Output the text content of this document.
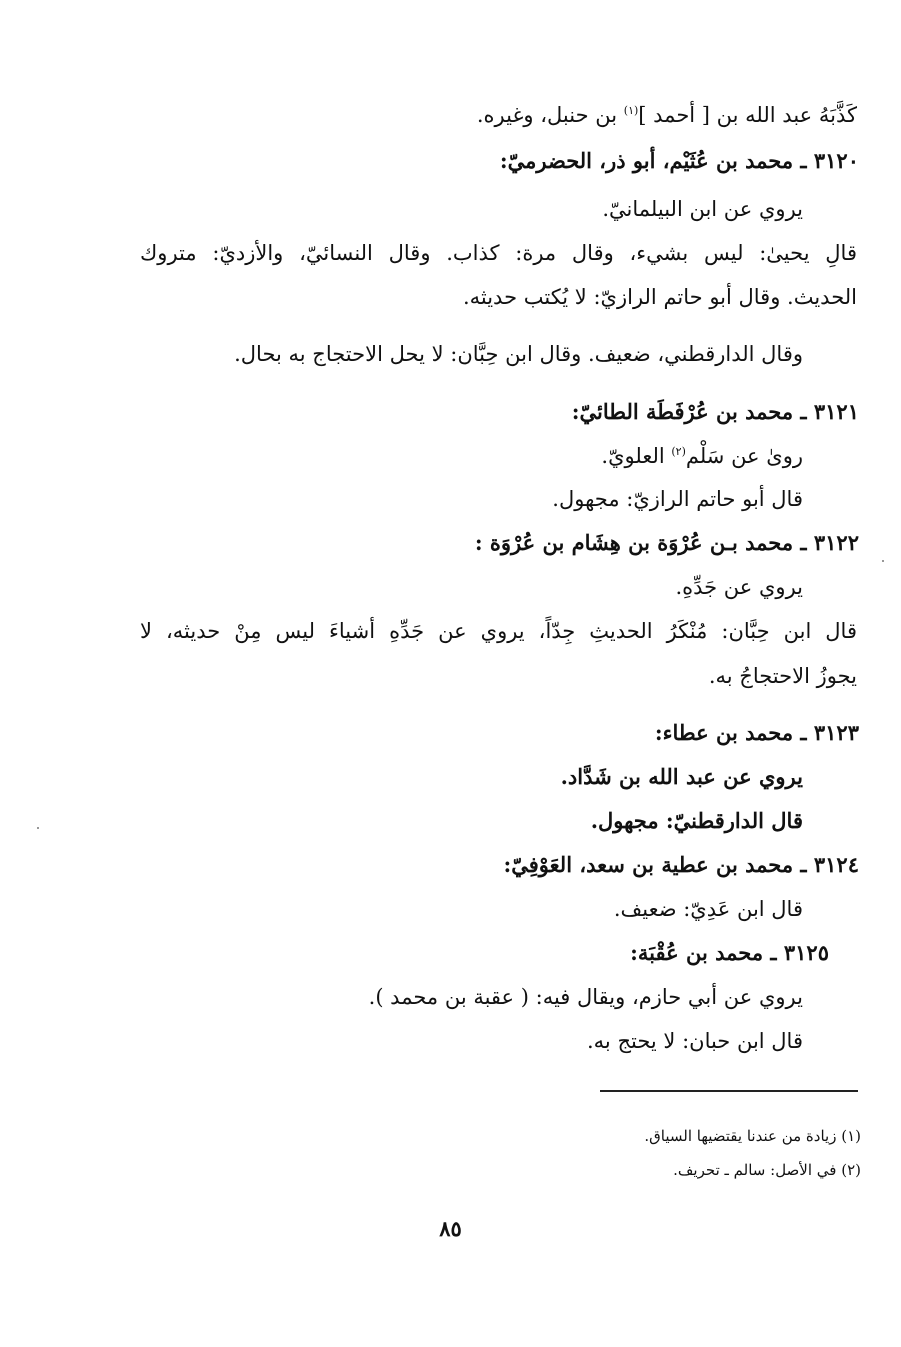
كَذَّبَهُ عبد الله بن [ أحمد ]$^{(١)}$ بن حنبل، وغيره.
٣١٢٠ ـ محمد بن عُثَيْم، أبو ذر، الحضرميّ:
يروي عن ابن البيلمانيّ.
قالِ يحيىٰ: ليس بشيء، وقال مرة: كذاب. وقال النسائيّ، والأزديّ: متروك
الحديث. وقال أبو حاتم الرازيّ: لا يُكتب حديثه.
وقال الدارقطني، ضعيف. وقال ابن حِبَّان: لا يحل الاحتجاج به بحال.
٣١٢١ ـ محمد بن عُرْفَطَة الطائيّ:
روىٰ عن سَلْم$^{(٢)}$ العلويّ.
قال أبو حاتم الرازيّ: مجهول.
٣١٢٢ ـ محمد بـن عُرْوَة بن هِشَام بن عُرْوَة :
يروي عن جَدِّهِ.
قال ابن حِبَّان: مُنْكَرُ الحديثِ جِدّاً، يروي عن جَدِّهِ أشياءَ ليس مِنْ حديثه، لا
يجوزُ الاحتجاجُ به.
٣١٢٣ ـ محمد بن عطاء:
يروي عن عبد الله بن شَدَّاد.
قال الدارقطنيّ: مجهول.
٣١٢٤ ـ محمد بن عطية بن سعد، العَوْفِيّ:
قال ابن عَدِيّ: ضعيف.
٣١٢٥ ـ محمد بن عُقْبَة:
يروي عن أبي حازم، ويقال فيه: ( عقبة بن محمد ).
قال ابن حبان: لا يحتج به.
(١) زيادة من عندنا يقتضيها السياق.
(٢) في الأصل: سالم ـ تحريف.
٨٥
